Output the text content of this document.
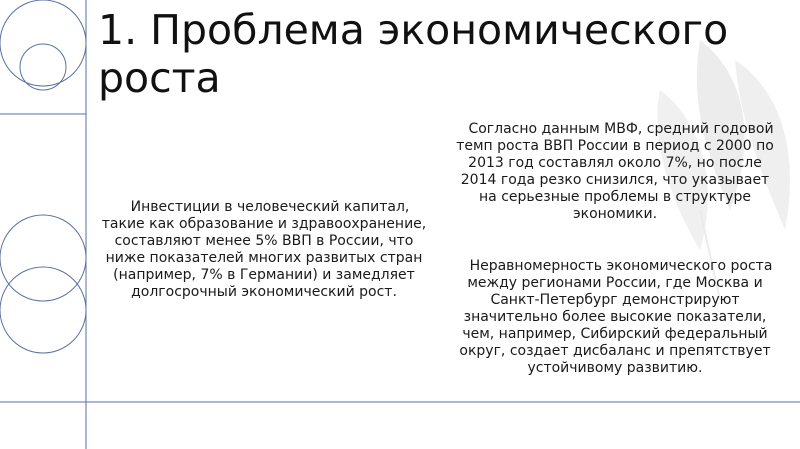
1. Проблема экономического роста

Инвестиции в человеческий капитал, такие как образование и здравоохранение, составляют менее 5% ВВП в России, что ниже показателей многих развитых стран (например, 7% в Германии) и замедляет долгосрочный экономический рост.

Согласно данным МВФ, средний годовой темп роста ВВП России в период с 2000 по 2013 год составлял около 7%, но после 2014 года резко снизился, что указывает на серьезные проблемы в структуре экономики.

Неравномерность экономического роста между регионами России, где Москва и Санкт-Петербург демонстрируют значительно более высокие показатели, чем, например, Сибирский федеральный округ, создает дисбаланс и препятствует устойчивому развитию.
